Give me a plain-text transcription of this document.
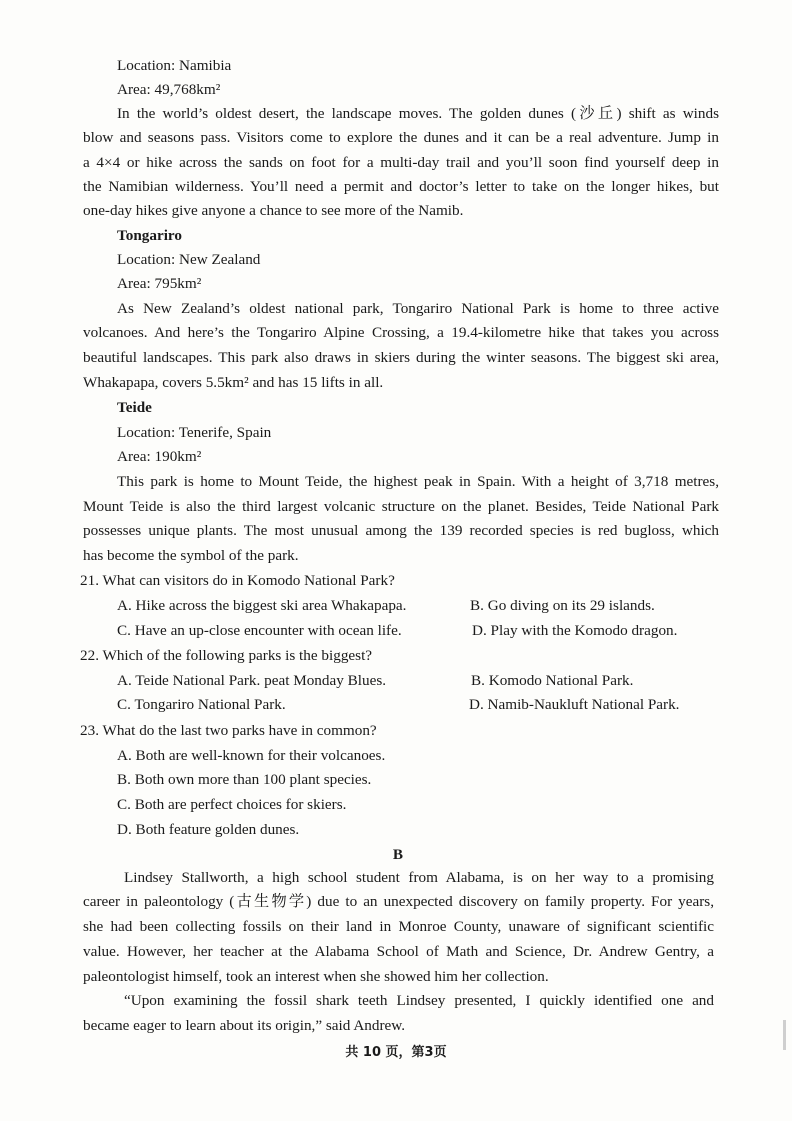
Location: Namibia
Area: 49,768km²
In the world’s oldest desert, the landscape moves. The golden dunes (沙丘) shift as winds
blow and seasons pass. Visitors come to explore the dunes and it can be a real adventure. Jump in
a 4×4 or hike across the sands on foot for a multi-day trail and you’ll soon find yourself deep in
the Namibian wilderness. You’ll need a permit and doctor’s letter to take on the longer hikes, but
one-day hikes give anyone a chance to see more of the Namib.
Tongariro
Location: New Zealand
Area: 795km²
As New Zealand’s oldest national park, Tongariro National Park is home to three active
volcanoes. And here’s the Tongariro Alpine Crossing, a 19.4-kilometre hike that takes you across
beautiful landscapes. This park also draws in skiers during the winter seasons. The biggest ski area,
Whakapapa, covers 5.5km² and has 15 lifts in all.
Teide
Location: Tenerife, Spain
Area: 190km²
This park is home to Mount Teide, the highest peak in Spain. With a height of 3,718 metres,
Mount Teide is also the third largest volcanic structure on the planet. Besides, Teide National Park
possesses unique plants. The most unusual among the 139 recorded species is red bugloss, which
has become the symbol of the park.
21. What can visitors do in Komodo National Park?
A. Hike across the biggest ski area Whakapapa.	B. Go diving on its 29 islands.
C. Have an up-close encounter with ocean life.	D. Play with the Komodo dragon.
22. Which of the following parks is the biggest?
A. Teide National Park. peat Monday Blues.	B. Komodo National Park.
C. Tongariro National Park.	D. Namib-Naukluft National Park.
23. What do the last two parks have in common?
A. Both are well-known for their volcanoes.
B. Both own more than 100 plant species.
C. Both are perfect choices for skiers.
D. Both feature golden dunes.
B
Lindsey Stallworth, a high school student from Alabama, is on her way to a promising
career in paleontology (古生物学) due to an unexpected discovery on family property. For years,
she had been collecting fossils on their land in Monroe County, unaware of significant scientific
value. However, her teacher at the Alabama School of Math and Science, Dr. Andrew Gentry, a
paleontologist himself, took an interest when she showed him her collection.
“Upon examining the fossil shark teeth Lindsey presented, I quickly identified one and
became eager to learn about its origin,” said Andrew.
共 10 页，第3页
